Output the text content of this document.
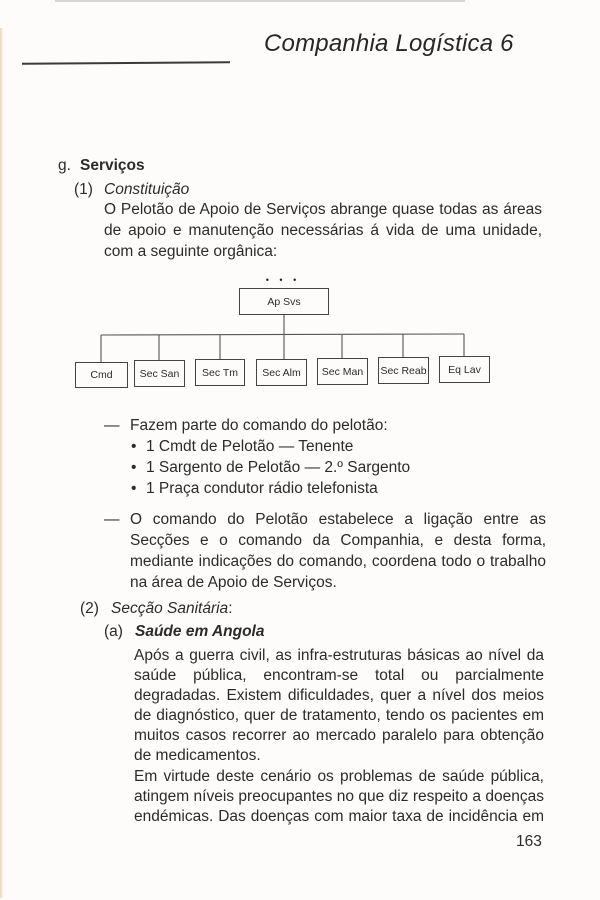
Companhia Logística 6
g. Serviços
(1) Constituição
O Pelotão de Apoio de Serviços abrange quase todas as áreas
de apoio e manutenção necessárias á vida de uma unidade,
com a seguinte orgânica:
• • •
Ap Svs
Cmd	Sec San	Sec Tm	Sec Alm	Sec Man	Sec Reab	Eq Lav
— Fazem parte do comando do pelotão:
• 1 Cmdt de Pelotão — Tenente
• 1 Sargento de Pelotão — 2.º Sargento
• 1 Praça condutor rádio telefonista
— O comando do Pelotão estabelece a ligação entre as
Secções e o comando da Companhia, e desta forma,
mediante indicações do comando, coordena todo o trabalho
na área de Apoio de Serviços.
(2) Secção Sanitária:
(a) Saúde em Angola
Após a guerra civil, as infra-estruturas básicas ao nível da
saúde pública, encontram-se total ou parcialmente
degradadas. Existem dificuldades, quer a nível dos meios
de diagnóstico, quer de tratamento, tendo os pacientes em
muitos casos recorrer ao mercado paralelo para obtenção
de medicamentos.
Em virtude deste cenário os problemas de saúde pública,
atingem níveis preocupantes no que diz respeito a doenças
endémicas. Das doenças com maior taxa de incidência em
163
